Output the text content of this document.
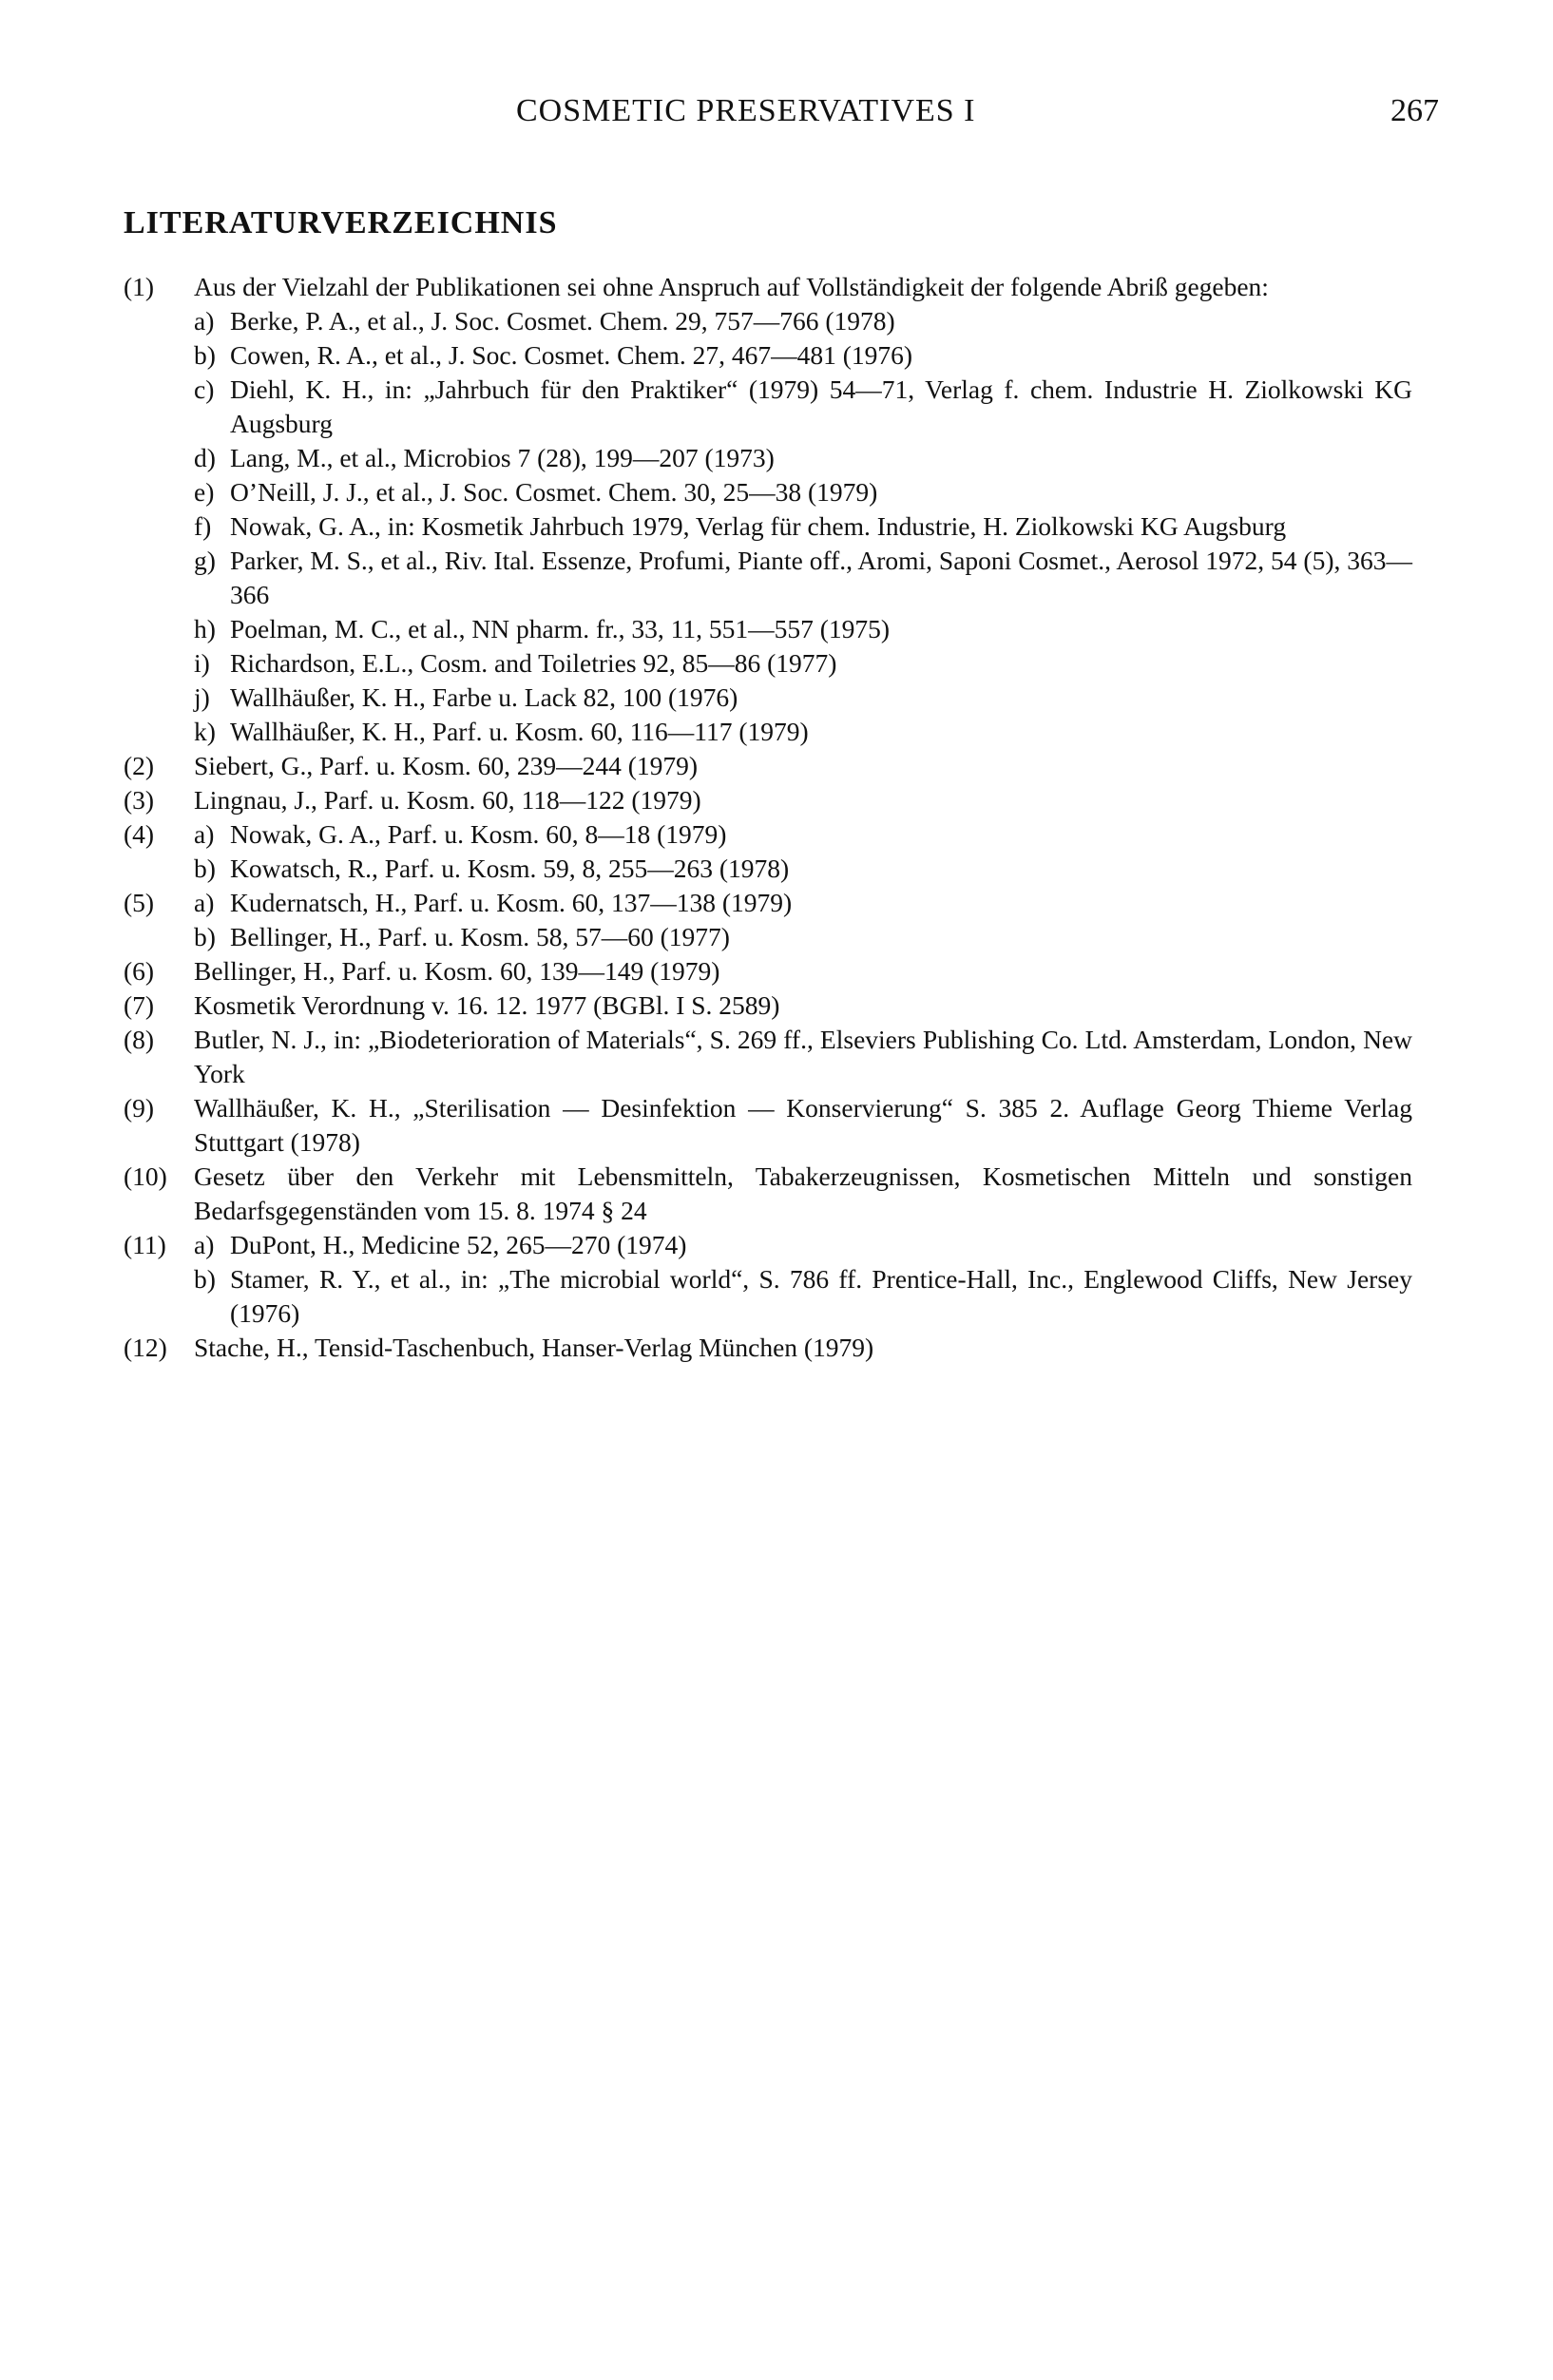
COSMETIC PRESERVATIVES I	267
LITERATURVERZEICHNIS
(1)	Aus der Vielzahl der Publikationen sei ohne Anspruch auf Vollständigkeit der folgende Abriß gegeben:
a) Berke, P. A., et al., J. Soc. Cosmet. Chem. 29, 757—766 (1978)
b) Cowen, R. A., et al., J. Soc. Cosmet. Chem. 27, 467—481 (1976)
c) Diehl, K. H., in: „Jahrbuch für den Praktiker“ (1979) 54—71, Verlag f. chem. Industrie H. Ziolkowski KG Augsburg
d) Lang, M., et al., Microbios 7 (28), 199—207 (1973)
e) O’Neill, J. J., et al., J. Soc. Cosmet. Chem. 30, 25—38 (1979)
f) Nowak, G. A., in: Kosmetik Jahrbuch 1979, Verlag für chem. Industrie, H. Ziolkowski KG Augsburg
g) Parker, M. S., et al., Riv. Ital. Essenze, Profumi, Piante off., Aromi, Saponi Cosmet., Aerosol 1972, 54 (5), 363—366
h) Poelman, M. C., et al., NN pharm. fr., 33, 11, 551—557 (1975)
i) Richardson, E.L., Cosm. and Toiletries 92, 85—86 (1977)
j) Wallhäußer, K. H., Farbe u. Lack 82, 100 (1976)
k) Wallhäußer, K. H., Parf. u. Kosm. 60, 116—117 (1979)
(2)	Siebert, G., Parf. u. Kosm. 60, 239—244 (1979)
(3)	Lingnau, J., Parf. u. Kosm. 60, 118—122 (1979)
(4) a) Nowak, G. A., Parf. u. Kosm. 60, 8—18 (1979)
b) Kowatsch, R., Parf. u. Kosm. 59, 8, 255—263 (1978)
(5) a) Kudernatsch, H., Parf. u. Kosm. 60, 137—138 (1979)
b) Bellinger, H., Parf. u. Kosm. 58, 57—60 (1977)
(6)	Bellinger, H., Parf. u. Kosm. 60, 139—149 (1979)
(7)	Kosmetik Verordnung v. 16. 12. 1977 (BGBl. I S. 2589)
(8)	Butler, N. J., in: „Biodeterioration of Materials“, S. 269 ff., Elseviers Publishing Co. Ltd. Amsterdam, London, New York
(9)	Wallhäußer, K. H., „Sterilisation — Desinfektion — Konservierung“ S. 385 2. Auflage Georg Thieme Verlag Stuttgart (1978)
(10)	Gesetz über den Verkehr mit Lebensmitteln, Tabakerzeugnissen, Kosmetischen Mitteln und sonstigen Bedarfsgegenständen vom 15. 8. 1974 § 24
(11) a) DuPont, H., Medicine 52, 265—270 (1974)
b) Stamer, R. Y., et al., in: „The microbial world“, S. 786 ff. Prentice-Hall, Inc., Englewood Cliffs, New Jersey (1976)
(12)	Stache, H., Tensid-Taschenbuch, Hanser-Verlag München (1979)
